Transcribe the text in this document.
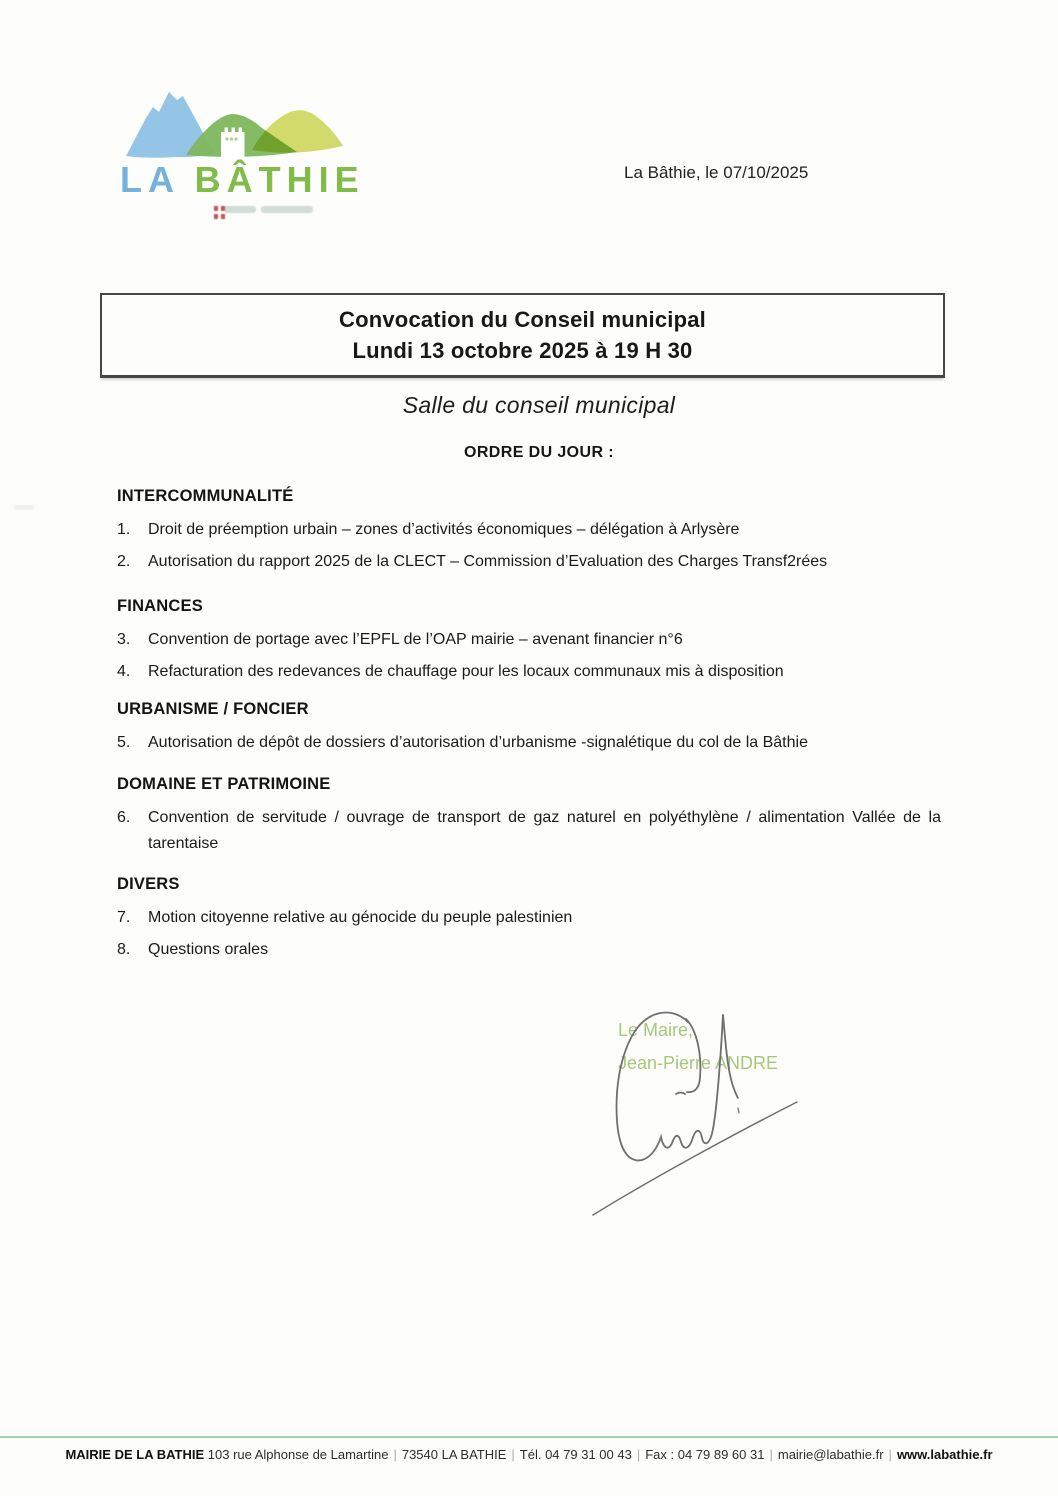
LA BÂTHIE	La Bâthie, le 07/10/2025
Convocation du Conseil municipal
Lundi 13 octobre 2025 à 19 H 30
Salle du conseil municipal
ORDRE DU JOUR :
INTERCOMMUNALITÉ
1.	Droit de préemption urbain – zones d’activités économiques – délégation à Arlysère
2.	Autorisation du rapport 2025 de la CLECT – Commission d’Evaluation des Charges Transf2rées
FINANCES
3.	Convention de portage avec l’EPFL de l’OAP mairie – avenant financier n°6
4.	Refacturation des redevances de chauffage pour les locaux communaux mis à disposition
URBANISME / FONCIER
5.	Autorisation de dépôt de dossiers d’autorisation d’urbanisme -signalétique du col de la Bâthie
DOMAINE ET PATRIMOINE
6.	Convention de servitude / ouvrage de transport de gaz naturel en polyéthylène / alimentation Vallée de la tarentaise
DIVERS
7.	Motion citoyenne relative au génocide du peuple palestinien
8.	Questions orales
Le Maire,
Jean-Pierre ANDRE
MAIRIE DE LA BATHIE 103 rue Alphonse de Lamartine | 73540 LA BATHIE | Tél. 04 79 31 00 43 | Fax : 04 79 89 60 31 | mairie@labathie.fr | www.labathie.fr
